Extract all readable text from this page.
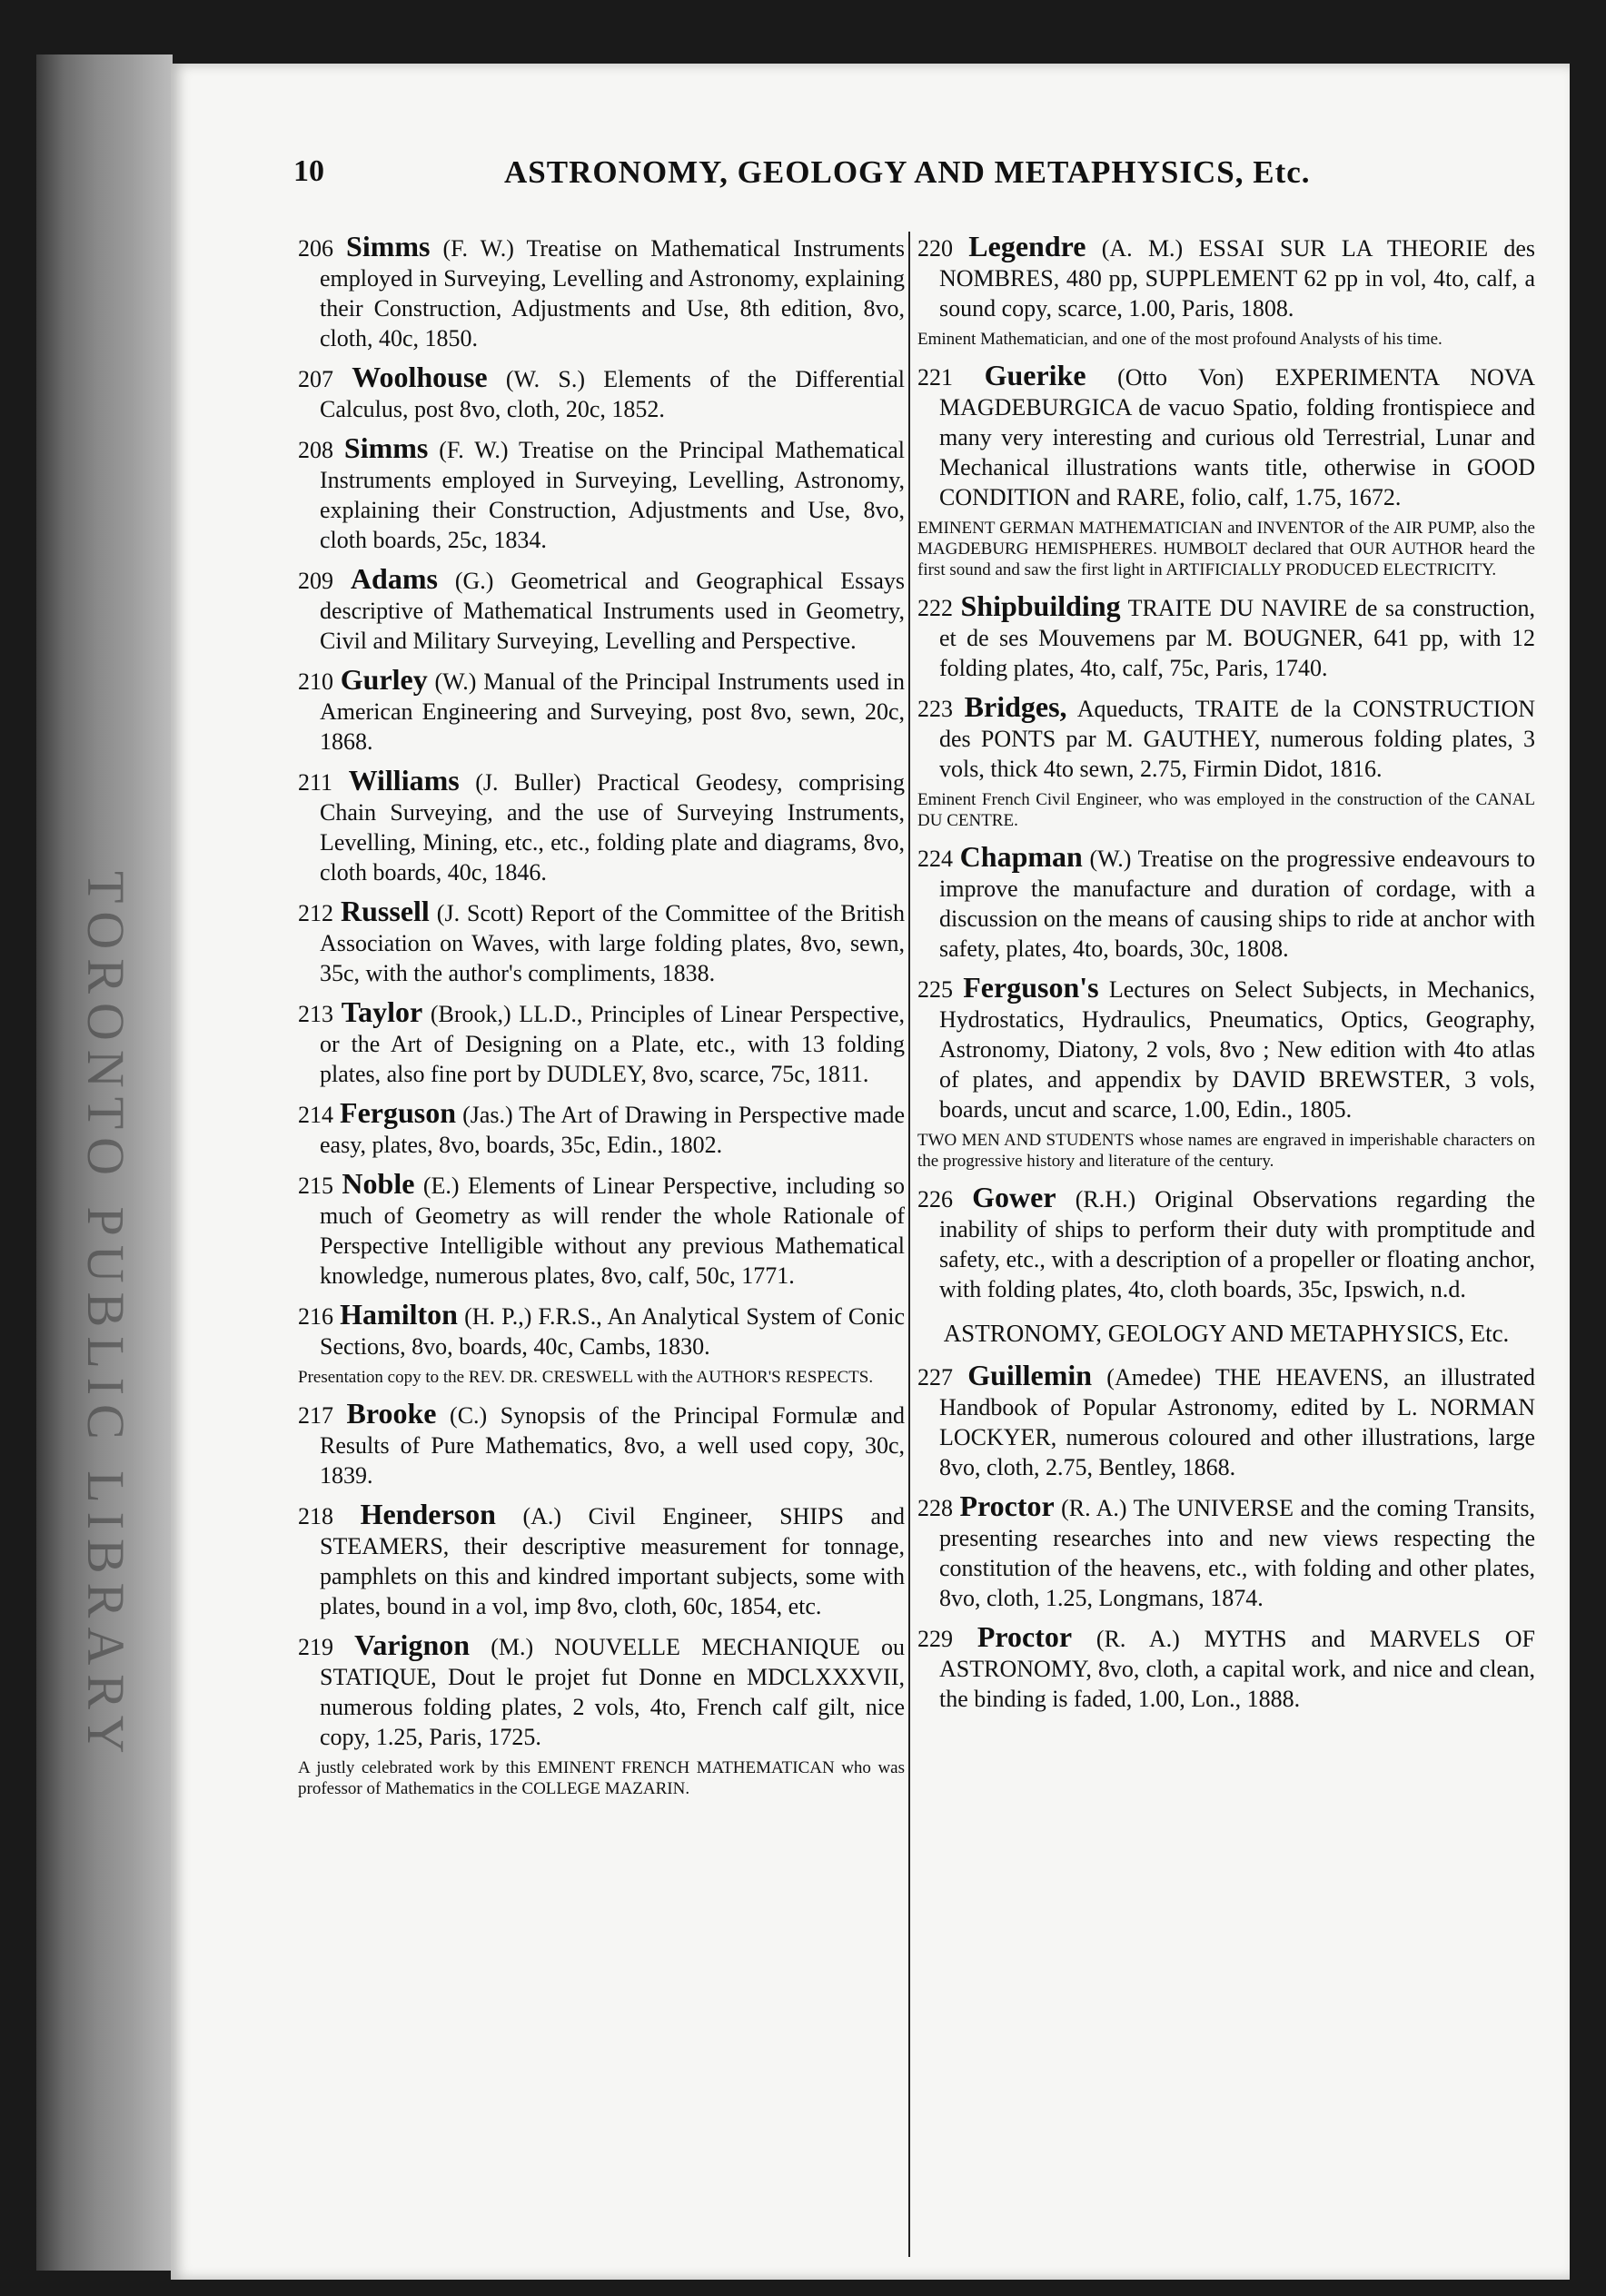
TORONTO PUBLIC LIBRARY
10	ASTRONOMY, GEOLOGY AND METAPHYSICS, Etc.
206 Simms (F. W.) Treatise on Mathematical Instruments employed in Surveying, Levelling and Astronomy, explaining their Construction, Adjustments and Use, 8th edition, 8vo, cloth, 40c, 1850.
207 Woolhouse (W. S.) Elements of the Differential Calculus, post 8vo, cloth, 20c, 1852.
208 Simms (F. W.) Treatise on the Principal Mathematical Instruments employed in Surveying, Levelling, Astronomy, explaining their Construction, Adjustments and Use, 8vo, cloth boards, 25c, 1834.
209 Adams (G.) Geometrical and Geographical Essays descriptive of Mathematical Instruments used in Geometry, Civil and Military Surveying, Levelling and Perspective.
210 Gurley (W.) Manual of the Principal Instruments used in American Engineering and Surveying, post 8vo, sewn, 20c, 1868.
211 Williams (J. Buller) Practical Geodesy, comprising Chain Surveying, and the use of Surveying Instruments, Levelling, Mining, etc., etc., folding plate and diagrams, 8vo, cloth boards, 40c, 1846.
212 Russell (J. Scott) Report of the Committee of the British Association on Waves, with large folding plates, 8vo, sewn, 35c, with the author's compliments, 1838.
213 Taylor (Brook,) LL.D., Principles of Linear Perspective, or the Art of Designing on a Plate, etc., with 13 folding plates, also fine port by DUDLEY, 8vo, scarce, 75c, 1811.
214 Ferguson (Jas.) The Art of Drawing in Perspective made easy, plates, 8vo, boards, 35c, Edin., 1802.
215 Noble (E.) Elements of Linear Perspective, including so much of Geometry as will render the whole Rationale of Perspective Intelligible without any previous Mathematical knowledge, numerous plates, 8vo, calf, 50c, 1771.
216 Hamilton (H. P.,) F.R.S., An Analytical System of Conic Sections, 8vo, boards, 40c, Cambs, 1830.
Presentation copy to the REV. DR. CRESWELL with the AUTHOR'S RESPECTS.
217 Brooke (C.) Synopsis of the Principal Formulæ and Results of Pure Mathematics, 8vo, a well used copy, 30c, 1839.
218 Henderson (A.) Civil Engineer, SHIPS and STEAMERS, their descriptive measurement for tonnage, pamphlets on this and kindred important subjects, some with plates, bound in a vol, imp 8vo, cloth, 60c, 1854, etc.
219 Varignon (M.) NOUVELLE MECHANIQUE ou STATIQUE, Dout le projet fut Donne en MDCLXXXVII, numerous folding plates, 2 vols, 4to, French calf gilt, nice copy, 1.25, Paris, 1725.
A justly celebrated work by this EMINENT FRENCH MATHEMATICAN who was professor of Mathematics in the COLLEGE MAZARIN.
220 Legendre (A. M.) ESSAI SUR LA THEORIE des NOMBRES, 480 pp, SUPPLEMENT 62 pp in vol, 4to, calf, a sound copy, scarce, 1.00, Paris, 1808.
Eminent Mathematician, and one of the most profound Analysts of his time.
221 Guerike (Otto Von) EXPERIMENTA NOVA MAGDEBURGICA de vacuo Spatio, folding frontispiece and many very interesting and curious old Terrestrial, Lunar and Mechanical illustrations wants title, otherwise in GOOD CONDITION and RARE, folio, calf, 1.75, 1672.
EMINENT GERMAN MATHEMATICIAN and INVENTOR of the AIR PUMP, also the MAGDEBURG HEMISPHERES. HUMBOLT declared that OUR AUTHOR heard the first sound and saw the first light in ARTIFICIALLY PRODUCED ELECTRICITY.
222 Shipbuilding TRAITE DU NAVIRE de sa construction, et de ses Mouvemens par M. BOUGNER, 641 pp, with 12 folding plates, 4to, calf, 75c, Paris, 1740.
223 Bridges, Aqueducts, TRAITE de la CONSTRUCTION des PONTS par M. GAUTHEY, numerous folding plates, 3 vols, thick 4to sewn, 2.75, Firmin Didot, 1816.
Eminent French Civil Engineer, who was employed in the construction of the CANAL DU CENTRE.
224 Chapman (W.) Treatise on the progressive endeavours to improve the manufacture and duration of cordage, with a discussion on the means of causing ships to ride at anchor with safety, plates, 4to, boards, 30c, 1808.
225 Ferguson's Lectures on Select Subjects, in Mechanics, Hydrostatics, Hydraulics, Pneumatics, Optics, Geography, Astronomy, Diatony, 2 vols, 8vo ; New edition with 4to atlas of plates, and appendix by DAVID BREWSTER, 3 vols, boards, uncut and scarce, 1.00, Edin., 1805.
TWO MEN AND STUDENTS whose names are engraved in imperishable characters on the progressive history and literature of the century.
226 Gower (R.H.) Original Observations regarding the inability of ships to perform their duty with promptitude and safety, etc., with a description of a propeller or floating anchor, with folding plates, 4to, cloth boards, 35c, Ipswich, n.d.
ASTRONOMY, GEOLOGY AND METAPHYSICS, Etc.
227 Guillemin (Amedee) THE HEAVENS, an illustrated Handbook of Popular Astronomy, edited by L. NORMAN LOCKYER, numerous coloured and other illustrations, large 8vo, cloth, 2.75, Bentley, 1868.
228 Proctor (R. A.) The UNIVERSE and the coming Transits, presenting researches into and new views respecting the constitution of the heavens, etc., with folding and other plates, 8vo, cloth, 1.25, Longmans, 1874.
229 Proctor (R. A.) MYTHS and MARVELS OF ASTRONOMY, 8vo, cloth, a capital work, and nice and clean, the binding is faded, 1.00, Lon., 1888.
